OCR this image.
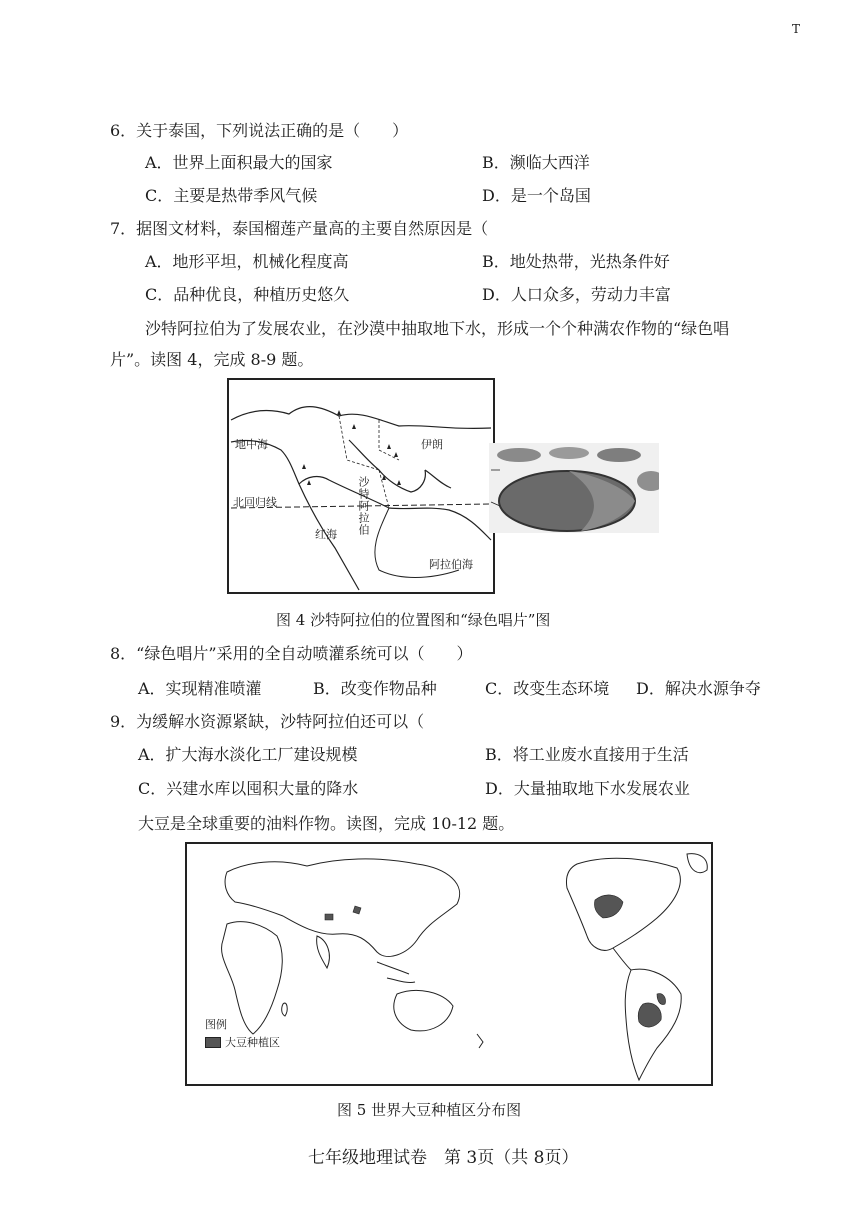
T
6．关于泰国，下列说法正确的是（　　）
A．世界上面积最大的国家	B．濒临大西洋
C．主要是热带季风气候	D．是一个岛国
7．据图文材料，泰国榴莲产量高的主要自然原因是（
A．地形平坦，机械化程度高	B．地处热带，光热条件好
C．品种优良，种植历史悠久	D．人口众多，劳动力丰富
沙特阿拉伯为了发展农业，在沙漠中抽取地下水，形成一个个种满农作物的“绿色唱
片”。读图 4，完成 8-9 题。
地中海	伊朗
北回归线	沙特阿拉伯
红海
阿拉伯海
图 4 沙特阿拉伯的位置图和“绿色唱片”图
8．“绿色唱片”采用的全自动喷灌系统可以（　　）
A．实现精准喷灌	B．改变作物品种	C．改变生态环境 D．解决水源争夺
9．为缓解水资源紧缺，沙特阿拉伯还可以（
A．扩大海水淡化工厂建设规模	B．将工业废水直接用于生活
C．兴建水库以囤积大量的降水	D．大量抽取地下水发展农业
大豆是全球重要的油料作物。读图，完成 10-12 题。
图例
大豆种植区
图 5 世界大豆种植区分布图
七年级地理试卷　第 3页（共 8页）
